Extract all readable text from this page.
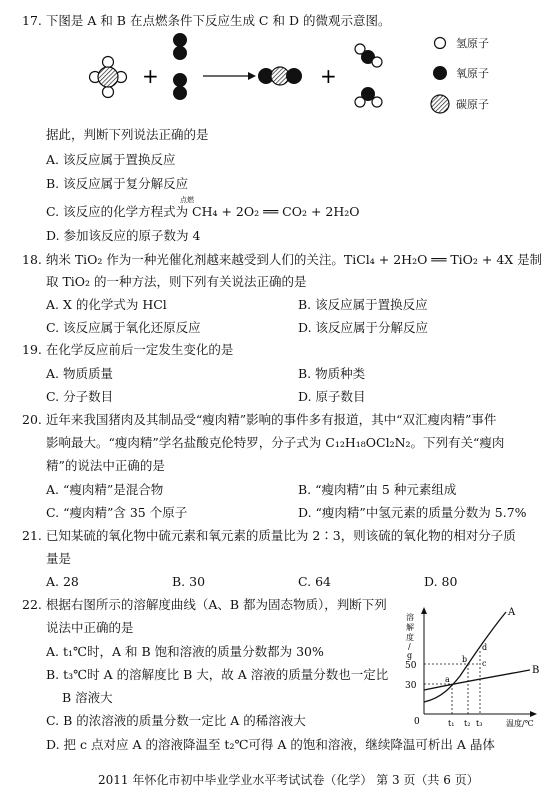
17. 下图是 A 和 B 在点燃条件下反应生成 C 和 D 的微观示意图。
+	+
氢原子
氧原子
碳原子
据此，判断下列说法正确的是
A. 该反应属于置换反应
B. 该反应属于复分解反应
点燃
C. 该反应的化学方程式为 CH₄ + 2O₂ ══ CO₂ + 2H₂O
D. 参加该反应的原子数为 4
18. 纳米 TiO₂ 作为一种光催化剂越来越受到人们的关注。TiCl₄ + 2H₂O ══ TiO₂ + 4X 是制
取 TiO₂ 的一种方法，则下列有关说法正确的是
A. X 的化学式为 HCl	B. 该反应属于置换反应
C. 该反应属于氧化还原反应	D. 该反应属于分解反应
19. 在化学反应前后一定发生变化的是
A. 物质质量	B. 物质种类
C. 分子数目	D. 原子数目
20. 近年来我国猪肉及其制品受“瘦肉精”影响的事件多有报道，其中“双汇瘦肉精”事件
影响最大。“瘦肉精”学名盐酸克伦特罗，分子式为 C₁₂H₁₈OCl₂N₂。下列有关“瘦肉
精”的说法中正确的是
A. “瘦肉精”是混合物	B. “瘦肉精”由 5 种元素组成
C. “瘦肉精”含 35 个原子	D. “瘦肉精”中氢元素的质量分数为 5.7%
21. 已知某硫的氧化物中硫元素和氧元素的质量比为 2∶3，则该硫的氧化物的相对分子质
量是
A. 28	B. 30	C. 64	D. 80
22. 根据右图所示的溶解度曲线（A、B 都为固态物质），判断下列
说法中正确的是
A. t₁℃时，A 和 B 饱和溶液的质量分数都为 30%
B. t₃℃时 A 的溶解度比 B 大，故 A 溶液的质量分数也一定比
B 溶液大
C. B 的浓溶液的质量分数一定比 A 的稀溶液大
D. 把 c 点对应 A 的溶液降温至 t₂℃可得 A 的饱和溶液，继续降温可析出 A 晶体
溶
解
度
/
g
50
30
0	t₁ t₂ t₃	温度/℃
A
B
a
b c
d
2011 年怀化市初中毕业学业水平考试试卷（化学） 第 3 页（共 6 页）
